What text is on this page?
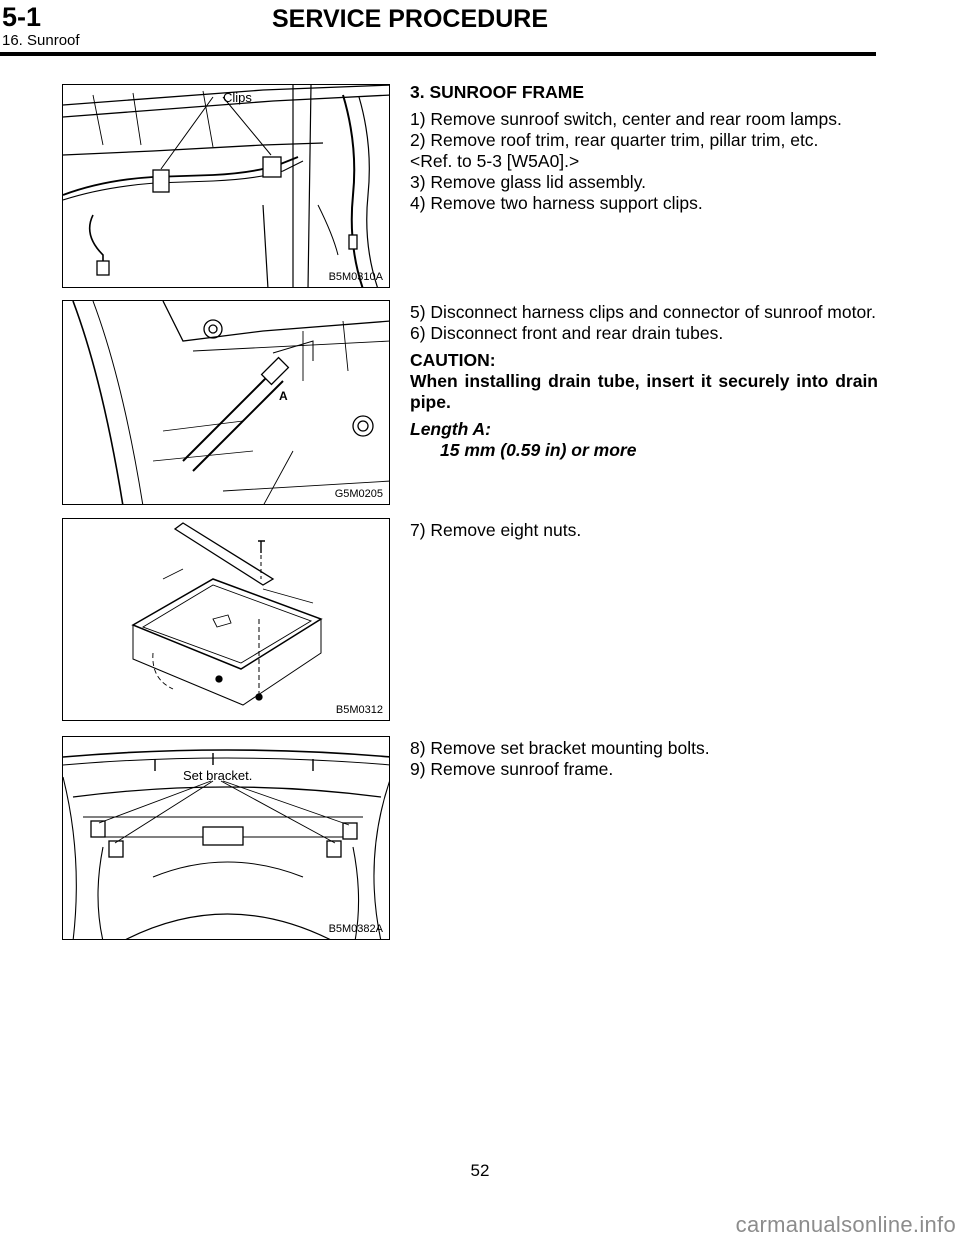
5-1	SERVICE PROCEDURE
16. Sunroof
Clips
B5M0310A
A
G5M0205
B5M0312
Set bracket.
B5M0382A

3. SUNROOF FRAME

1) Remove sunroof switch, center and rear room lamps.

2) Remove roof trim, rear quarter trim, pillar trim, etc.

<Ref. to 5-3 [W5A0].>

3) Remove glass lid assembly.

4) Remove two harness support clips.

5) Disconnect harness clips and connector of sunroof motor.

6) Disconnect front and rear drain tubes.

CAUTION:

When installing drain tube, insert it securely into drain pipe.

Length A:

15 mm (0.59 in) or more

7) Remove eight nuts.

8) Remove set bracket mounting bolts.

9) Remove sunroof frame.

52
carmanualsonline.info
